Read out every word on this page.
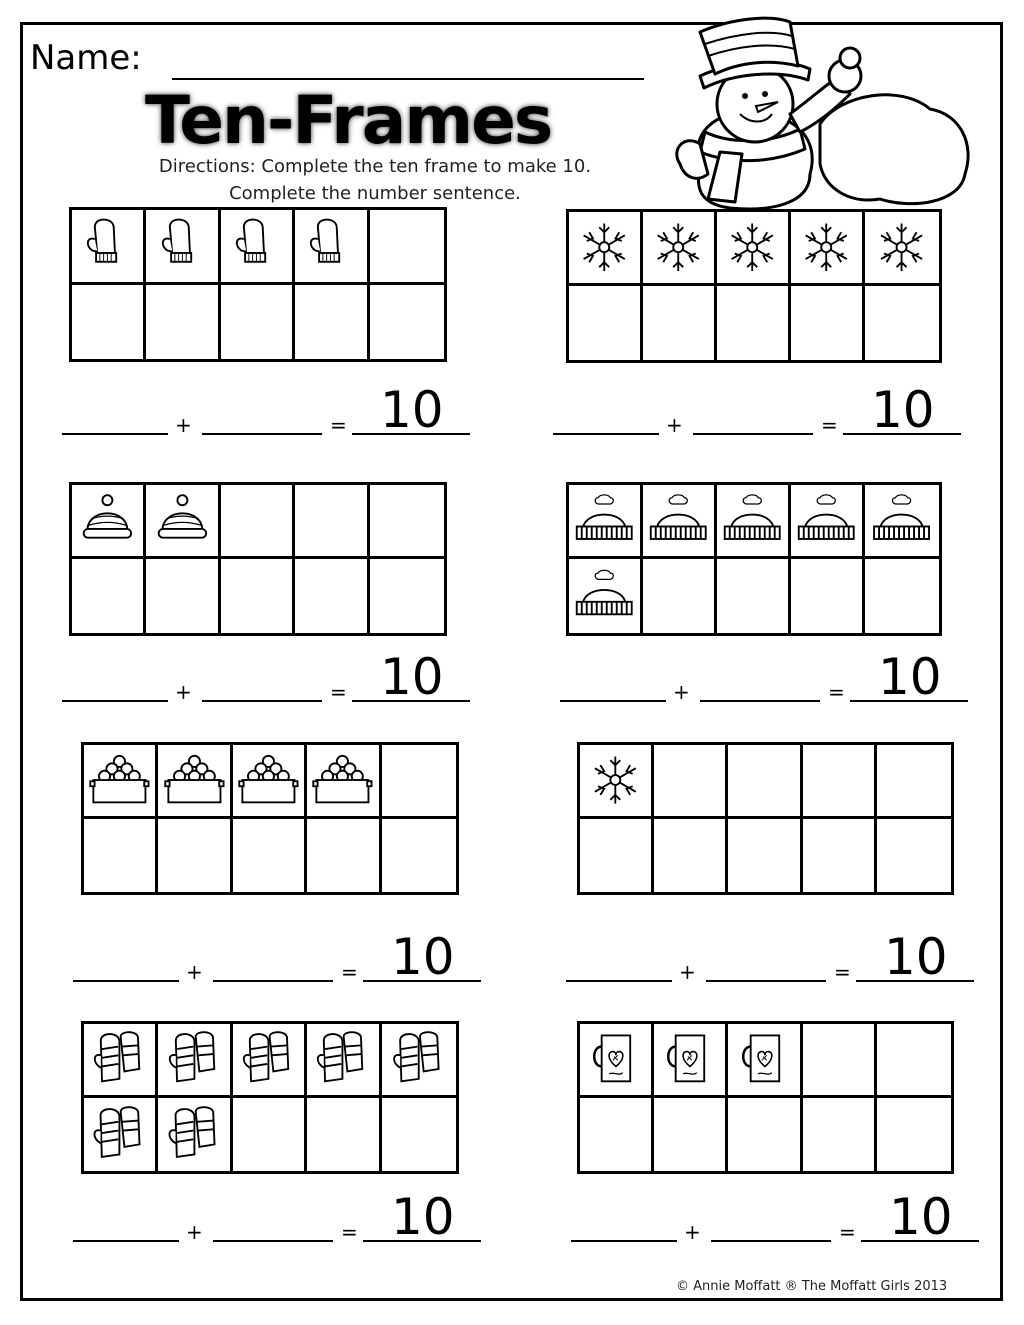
Name:
Ten-Frames
Directions: Complete the ten frame to make 10.
Complete the number sentence.
+	= 10	+	= 10
+	= 10	+	= 10
+	= 10	+	= 10
+	= 10	+	= 10
© Annie Moffatt ® The Moffatt Girls 2013
